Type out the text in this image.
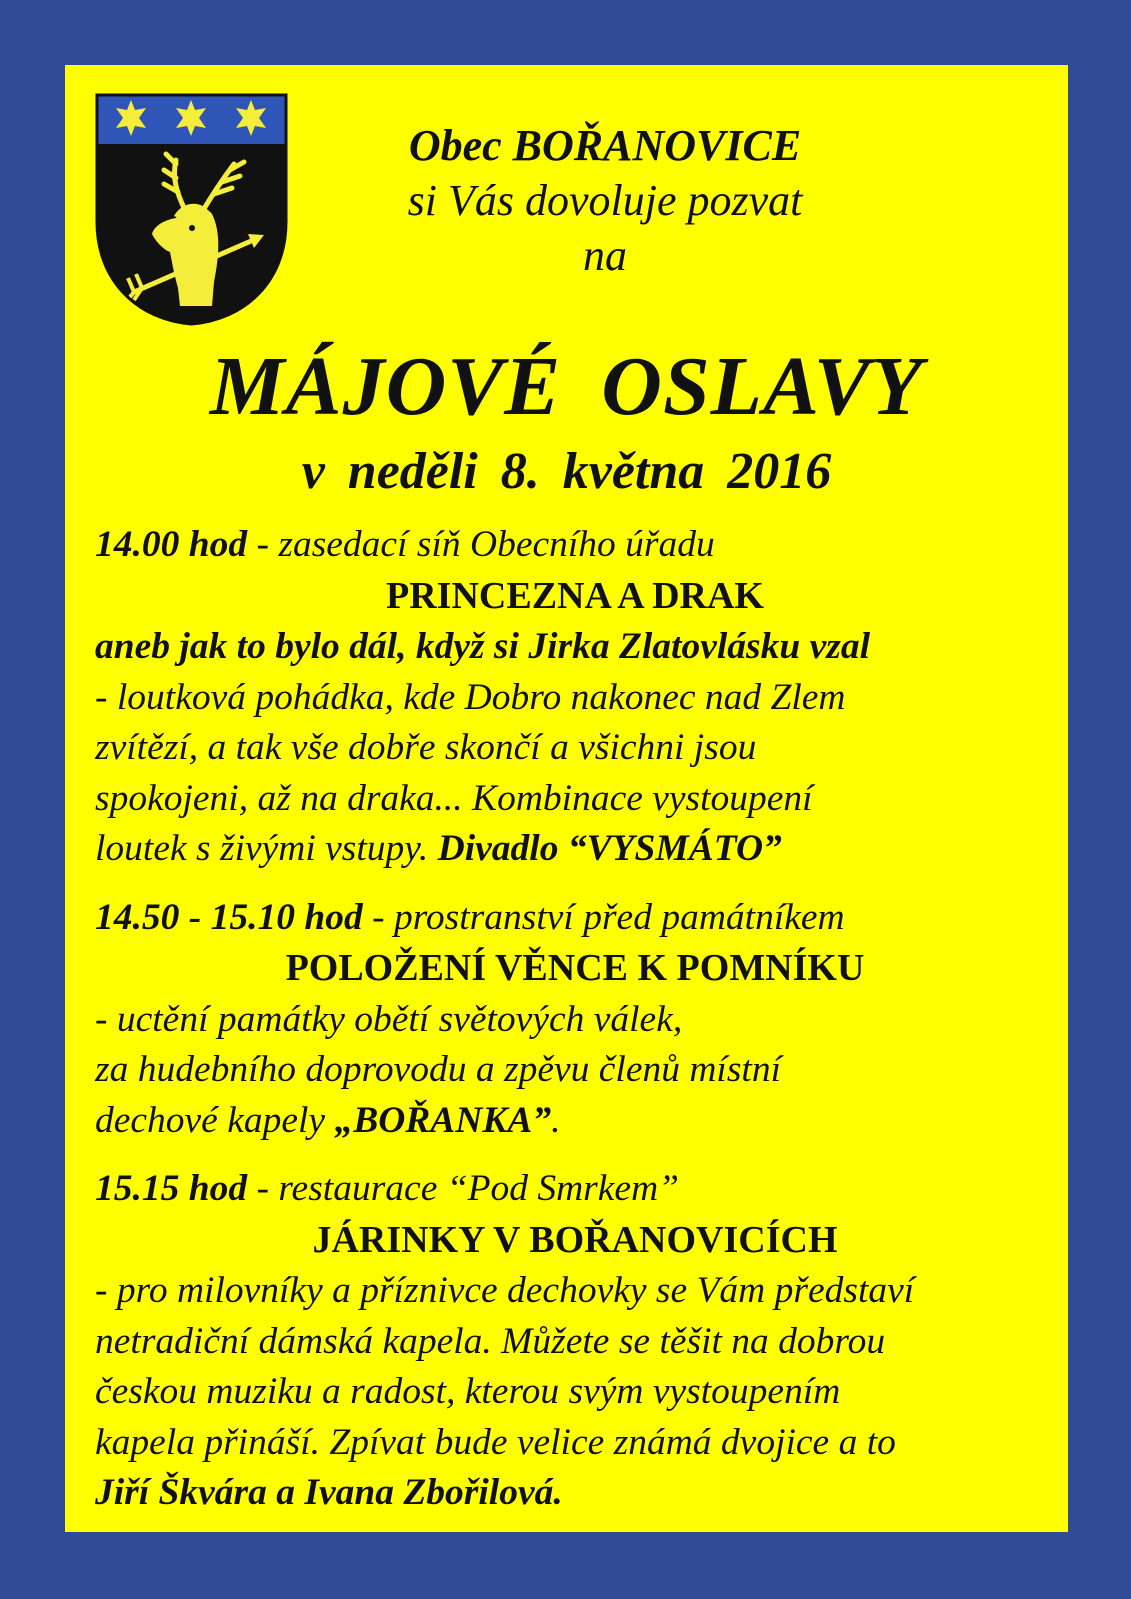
Obec BOŘANOVICE
si Vás dovoluje pozvat
na
MÁJOVÉ OSLAVY
v neděli 8. května 2016
14.00 hod - zasedací síň Obecního úřadu
PRINCEZNA A DRAK
aneb jak to bylo dál, když si Jirka Zlatovlásku vzal
- loutková pohádka, kde Dobro nakonec nad Zlem
zvítězí, a tak vše dobře skončí a všichni jsou
spokojeni, až na draka... Kombinace vystoupení
loutek s živými vstupy. Divadlo “VYSMÁTO”
14.50 - 15.10 hod - prostranství před památníkem
POLOŽENÍ VĚNCE K POMNÍKU
- uctění památky obětí světových válek,
za hudebního doprovodu a zpěvu členů místní
dechové kapely „BOŘANKA”.
15.15 hod - restaurace “Pod Smrkem”
JÁRINKY V BOŘANOVICÍCH
- pro milovníky a příznivce dechovky se Vám představí
netradiční dámská kapela. Můžete se těšit na dobrou
českou muziku a radost, kterou svým vystoupením
kapela přináší. Zpívat bude velice známá dvojice a to
Jiří Škvára a Ivana Zbořilová.
